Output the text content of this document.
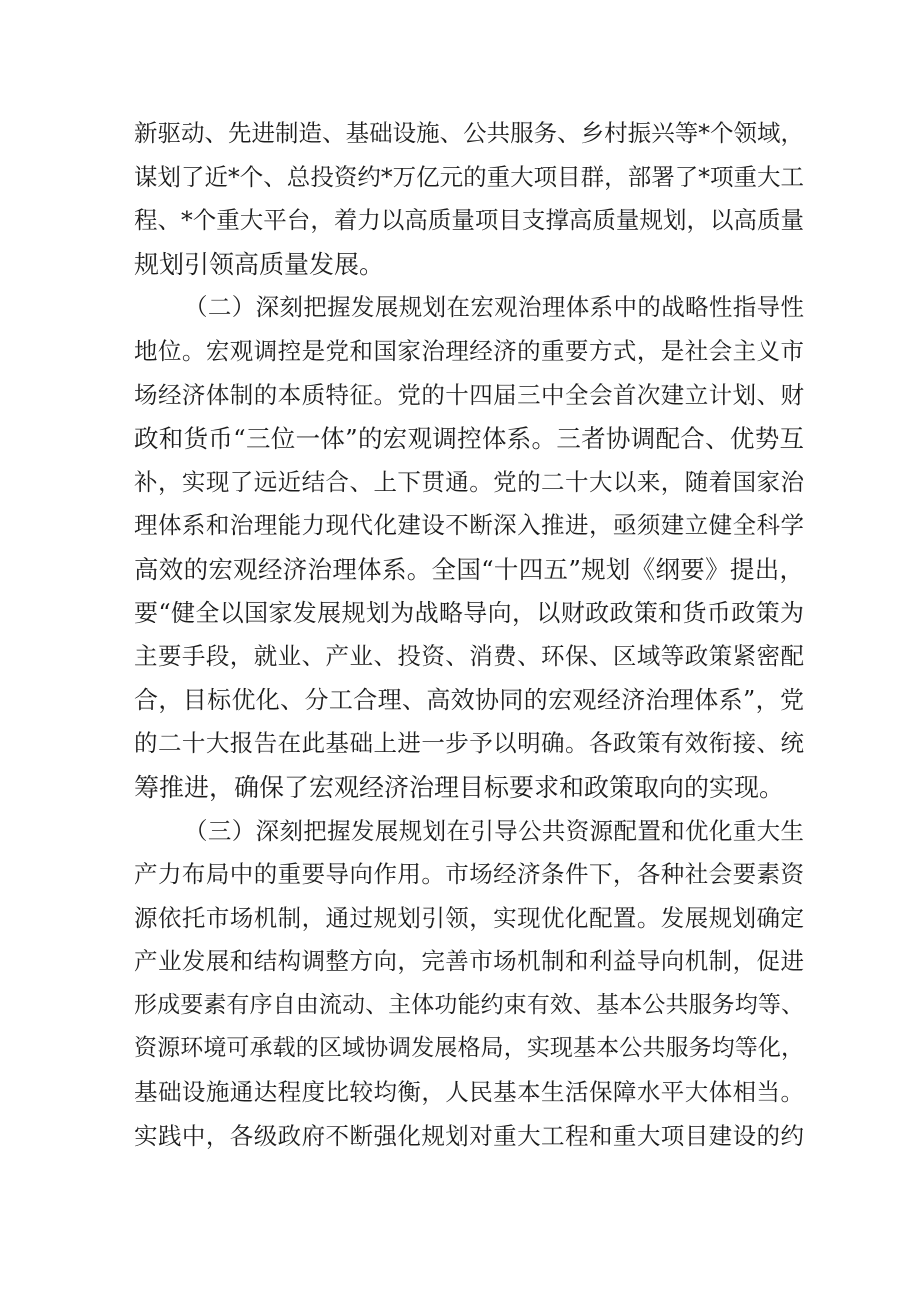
新驱动、先进制造、基础设施、公共服务、乡村振兴等*个领域，
谋划了近*个、总投资约*万亿元的重大项目群，部署了*项重大工
程、*个重大平台，着力以高质量项目支撑高质量规划，以高质量
规划引领高质量发展。
（二）深刻把握发展规划在宏观治理体系中的战略性指导性
地位。宏观调控是党和国家治理经济的重要方式，是社会主义市
场经济体制的本质特征。党的十四届三中全会首次建立计划、财
政和货币“三位一体”的宏观调控体系。三者协调配合、优势互
补，实现了远近结合、上下贯通。党的二十大以来，随着国家治
理体系和治理能力现代化建设不断深入推进，亟须建立健全科学
高效的宏观经济治理体系。全国“十四五”规划《纲要》提出，
要“健全以国家发展规划为战略导向，以财政政策和货币政策为
主要手段，就业、产业、投资、消费、环保、区域等政策紧密配
合，目标优化、分工合理、高效协同的宏观经济治理体系”，党
的二十大报告在此基础上进一步予以明确。各政策有效衔接、统
筹推进，确保了宏观经济治理目标要求和政策取向的实现。
（三）深刻把握发展规划在引导公共资源配置和优化重大生
产力布局中的重要导向作用。市场经济条件下，各种社会要素资
源依托市场机制，通过规划引领，实现优化配置。发展规划确定
产业发展和结构调整方向，完善市场机制和利益导向机制，促进
形成要素有序自由流动、主体功能约束有效、基本公共服务均等、
资源环境可承载的区域协调发展格局，实现基本公共服务均等化，
基础设施通达程度比较均衡，人民基本生活保障水平大体相当。
实践中，各级政府不断强化规划对重大工程和重大项目建设的约
